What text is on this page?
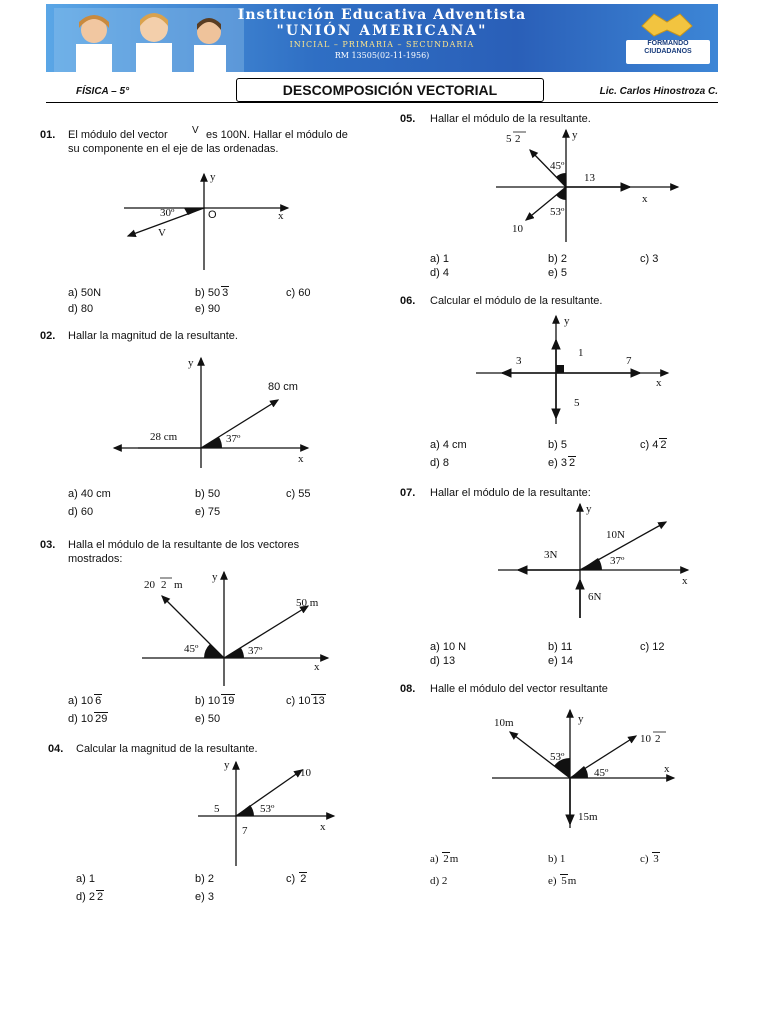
Institución Educativa Adventista
"UNIÓN AMERICANA"
INICIAL – PRIMARIA – SECUNDARIA
RM 13505(02-11-1956)
FORMANDO
CIUDADANOS
FÍSICA – 5°	DESCOMPOSICIÓN VECTORIAL	Lic. Carlos Hinostroza C.
01. El módulo del vector V es 100N. Hallar el módulo de
su componente en el eje de las ordenadas.
y
x
O
30º
V
a) 50N	b) 50 3	c) 60
d) 80	e) 90
02. Hallar la magnitud de la resultante.
y
x
80 cm
28 cm	37º
a) 40 cm	b) 50	c) 55
d) 60	e) 75
03. Halla el módulo de la resultante de los vectores
mostrados:
y
x
20 2 m
50 m
45º	37º
a) 10 6	b) 10 19	c) 10 13
d) 10 29	e) 50
04. Calcular la magnitud de la resultante.
y
x
10
5
7
53º
a) 1	b) 2	c) 2
d) 2 2	e) 3
05. Hallar el módulo de la resultante.
y
x
5 2
13
10
45º
53º
a) 1	b) 2	c) 3
d) 4	e) 5
06. Calcular el módulo de la resultante.
y
x
3
1
7
5
a) 4 cm	b) 5	c) 4 2
d) 8	e) 3 2
07. Hallar el módulo de la resultante:
y
x
10N
3N
6N
37º
a) 10 N	b) 11	c) 12
d) 13	e) 14
08. Halle el módulo del vector resultante
y
x
10m
10 2
15m
53º
45º
a) 2m	b) 1	c) 3
d) 2	e) 5m
